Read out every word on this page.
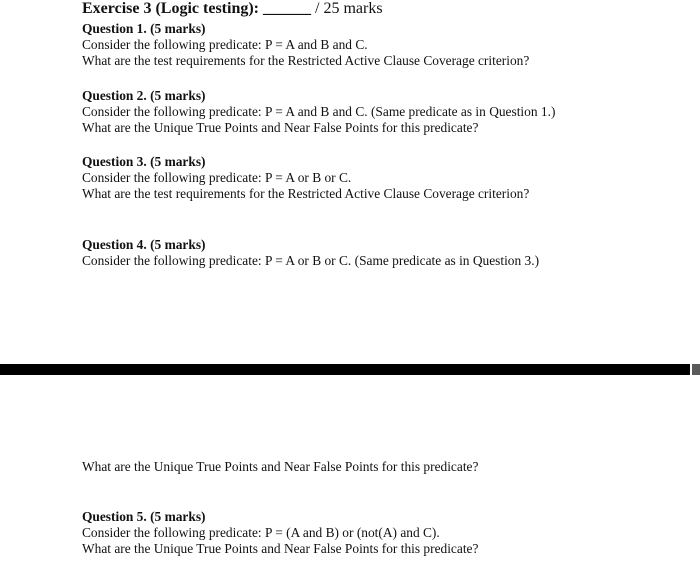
Exercise 3 (Logic testing): ______ / 25 marks
Question 1. (5 marks)
Consider the following predicate: P = A and B and C.
What are the test requirements for the Restricted Active Clause Coverage criterion?
Question 2. (5 marks)
Consider the following predicate: P = A and B and C. (Same predicate as in Question 1.)
What are the Unique True Points and Near False Points for this predicate?
Question 3. (5 marks)
Consider the following predicate: P = A or B or C.
What are the test requirements for the Restricted Active Clause Coverage criterion?
Question 4. (5 marks)
Consider the following predicate: P = A or B or C. (Same predicate as in Question 3.)
What are the Unique True Points and Near False Points for this predicate?
Question 5. (5 marks)
Consider the following predicate: P = (A and B) or (not(A) and C).
What are the Unique True Points and Near False Points for this predicate?
